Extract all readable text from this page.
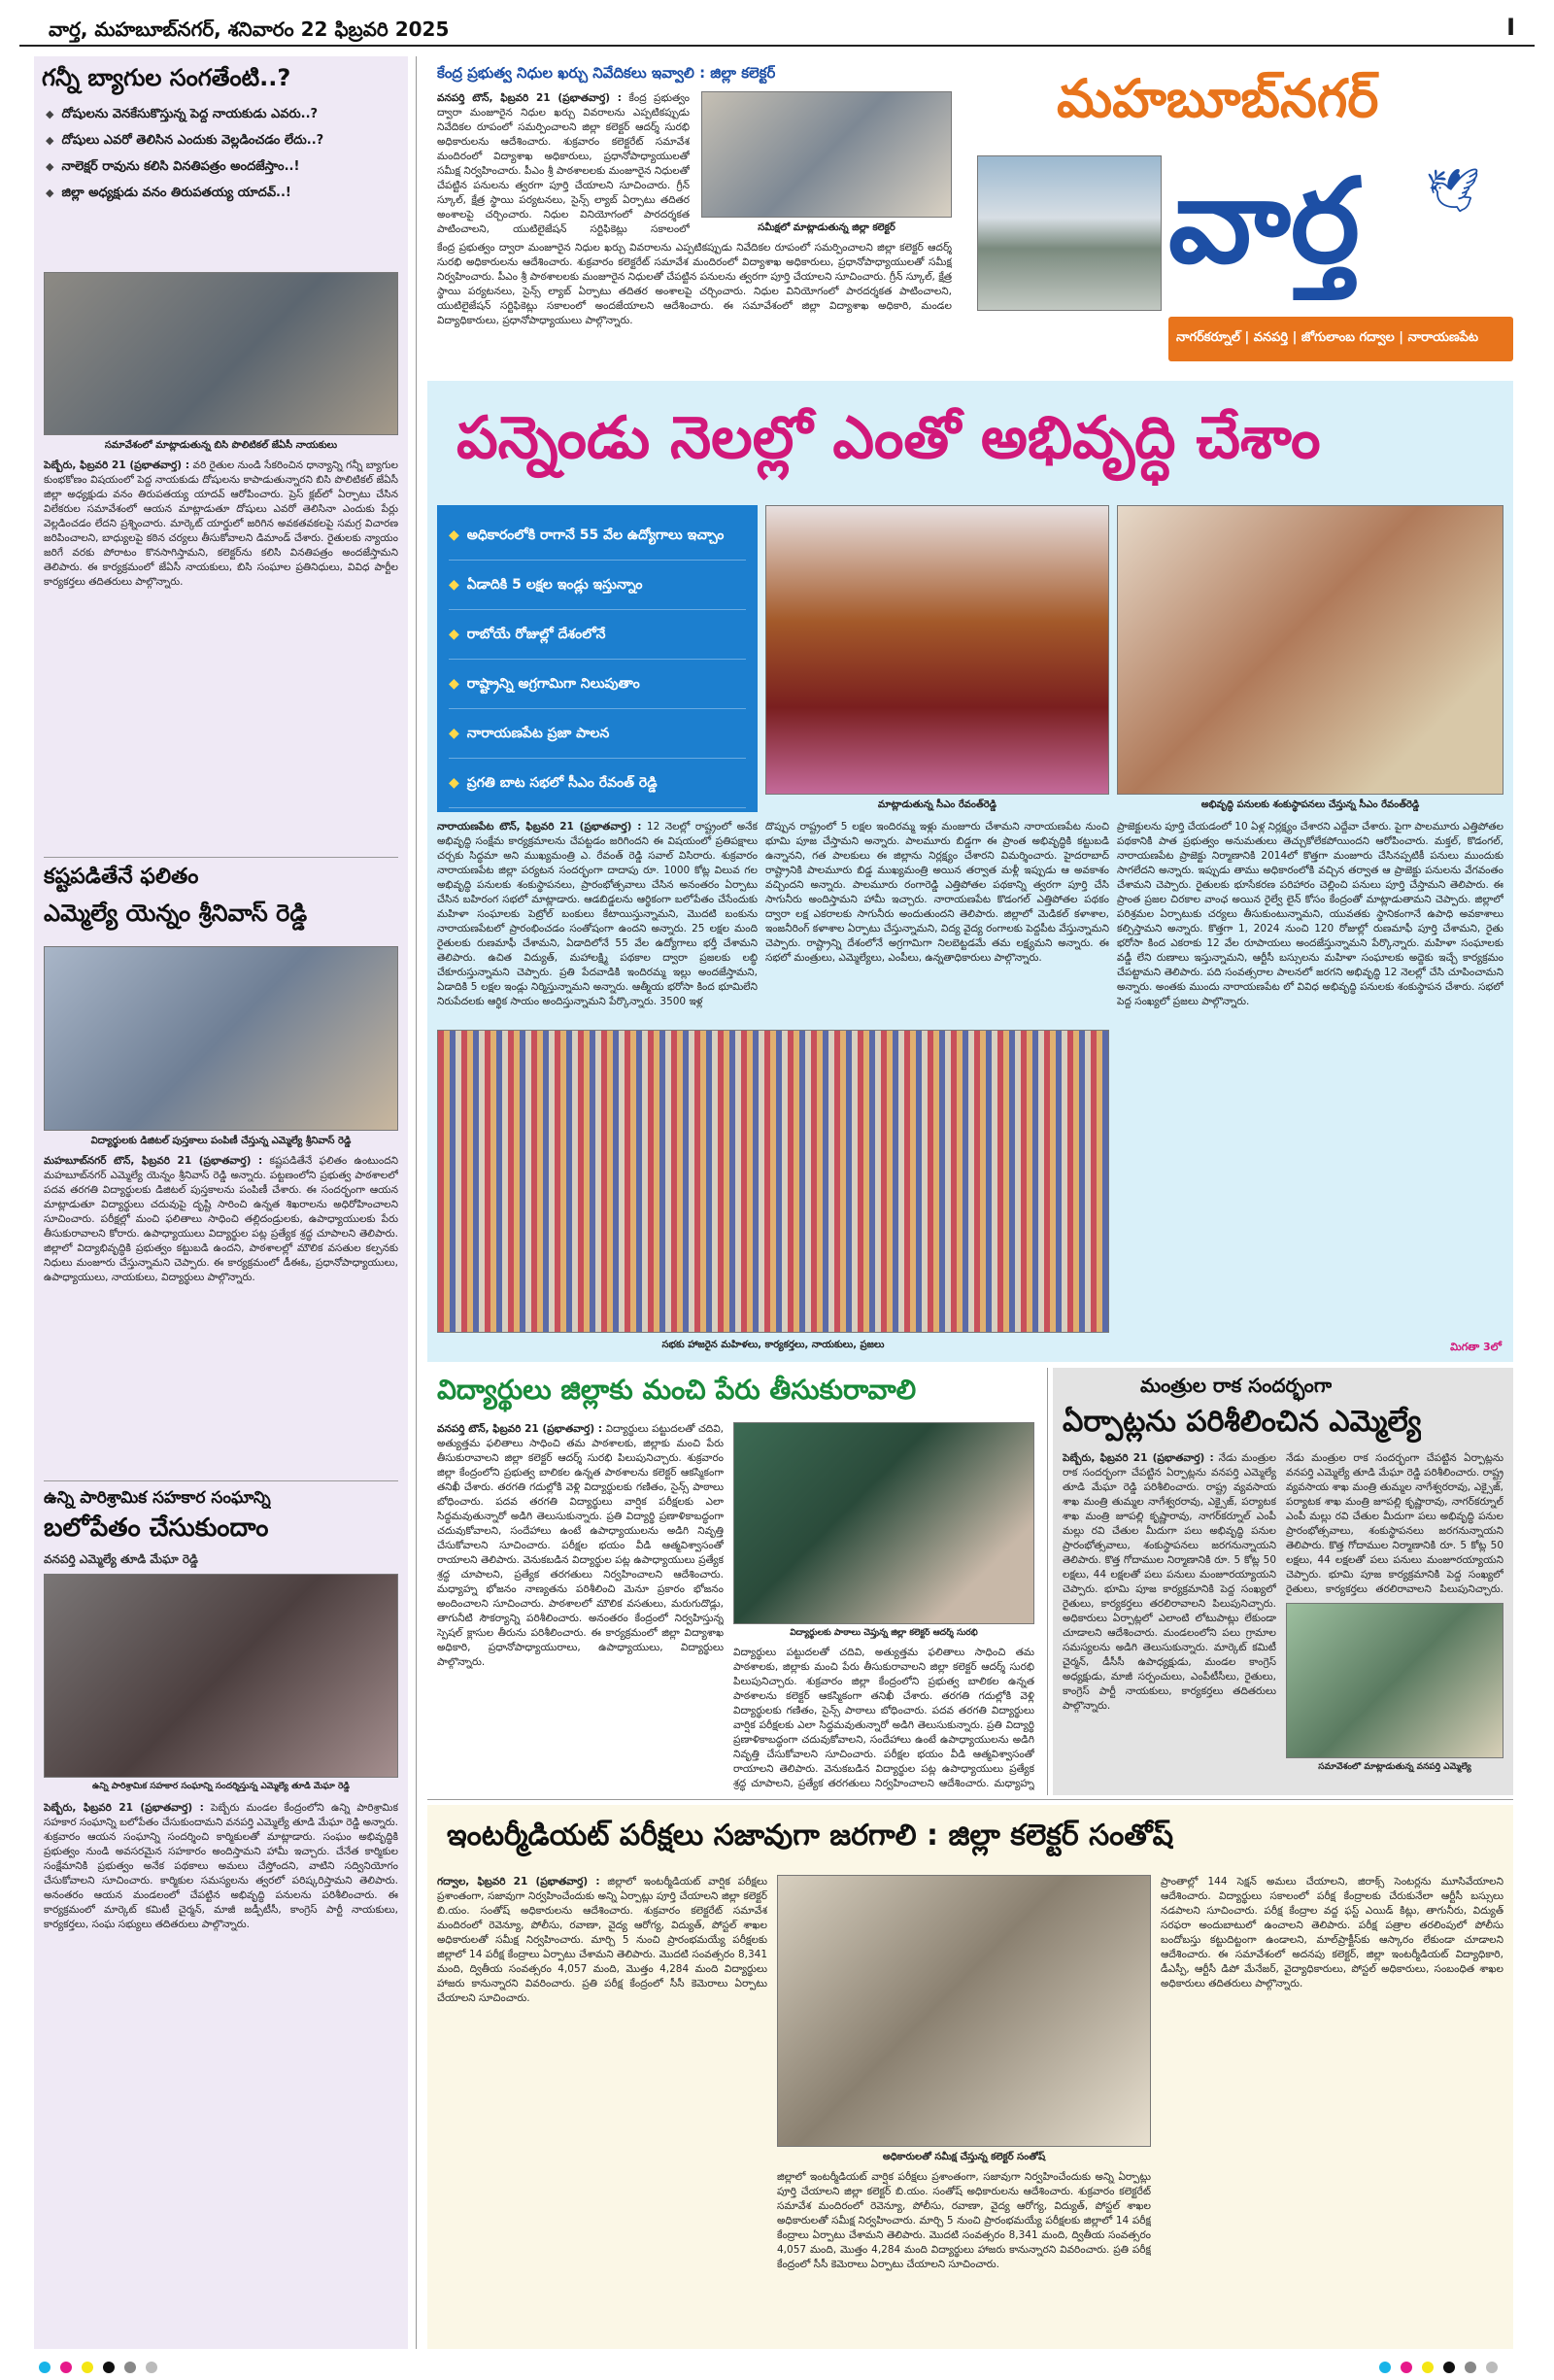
వార్త, మహబూబ్‌నగర్, శనివారం 22 ఫిబ్రవరి 2025	I
గన్నీ బ్యాగుల సంగతేంటి..?
◆ దోషులను వెనకేసుకొస్తున్న పెద్ద నాయకుడు ఎవరు..?
◆ దోషులు ఎవరో తెలిసిన ఎందుకు వెల్లడించడం లేదు..?
◆ నాలెక్షర్ రావును కలిసి వినతిపత్రం అందజేస్తాం..!
◆ జిల్లా అధ్యక్షుడు వనం తిరుపతయ్య యాదవ్..!
సమావేశంలో మాట్లాడుతున్న బిసి పొలిటికల్ జేఏసీ నాయకులు
పెబ్బేరు, ఫిబ్రవరి 21 (ప్రభాతవార్త) : వరి రైతుల నుండి సేకరించిన ధాన్యాన్ని గన్నీ బ్యాగుల కుంభకోణం విషయంలో పెద్ద నాయకుడు దోషులను కాపాడుతున్నారని బిసి పొలిటికల్ జేఏసీ జిల్లా అధ్యక్షుడు వనం తిరుపతయ్య యాదవ్ ఆరోపించారు. ప్రెస్ క్లబ్‌లో ఏర్పాటు చేసిన విలేకరుల సమావేశంలో ఆయన మాట్లాడుతూ దోషులు ఎవరో తెలిసినా ఎందుకు పేర్లు వెల్లడించడం లేదని ప్రశ్నించారు. మార్కెట్ యార్డులో జరిగిన అవకతవకలపై సమగ్ర విచారణ జరిపించాలని, బాధ్యులపై కఠిన చర్యలు తీసుకోవాలని డిమాండ్ చేశారు. రైతులకు న్యాయం జరిగే వరకు పోరాటం కొనసాగిస్తామని, కలెక్టర్‌ను కలిసి వినతిపత్రం అందజేస్తామని తెలిపారు. ఈ కార్యక్రమంలో జేఏసీ నాయకులు, బిసి సంఘాల ప్రతినిధులు, వివిధ పార్టీల కార్యకర్తలు తదితరులు పాల్గొన్నారు.
కష్టపడితేనే ఫలితం
ఎమ్మెల్యే యెన్నం శ్రీనివాస్ రెడ్డి
విద్యార్థులకు డిజిటల్ పుస్తకాలు పంపిణీ చేస్తున్న ఎమ్మెల్యే శ్రీనివాస్ రెడ్డి
మహబూబ్‌నగర్ టౌన్, ఫిబ్రవరి 21 (ప్రభాతవార్త) : కష్టపడితేనే ఫలితం ఉంటుందని మహబూబ్‌నగర్ ఎమ్మెల్యే యెన్నం శ్రీనివాస్ రెడ్డి అన్నారు. పట్టణంలోని ప్రభుత్వ పాఠశాలలో పదవ తరగతి విద్యార్థులకు డిజిటల్ పుస్తకాలను పంపిణీ చేశారు. ఈ సందర్భంగా ఆయన మాట్లాడుతూ విద్యార్థులు చదువుపై దృష్టి సారించి ఉన్నత శిఖరాలను అధిరోహించాలని సూచించారు. పరీక్షల్లో మంచి ఫలితాలు సాధించి తల్లిదండ్రులకు, ఉపాధ్యాయులకు పేరు తీసుకురావాలని కోరారు. ఉపాధ్యాయులు విద్యార్థుల పట్ల ప్రత్యేక శ్రద్ధ చూపాలని తెలిపారు. జిల్లాలో విద్యాభివృద్ధికి ప్రభుత్వం కట్టుబడి ఉందని, పాఠశాలల్లో మౌలిక వసతుల కల్పనకు నిధులు మంజూరు చేస్తున్నామని చెప్పారు. ఈ కార్యక్రమంలో డీఈఓ, ప్రధానోపాధ్యాయులు, ఉపాధ్యాయులు, నాయకులు, విద్యార్థులు పాల్గొన్నారు.
ఉన్ని పారిశ్రామిక సహకార సంఘాన్ని
బలోపేతం చేసుకుందాం
వనపర్తి ఎమ్మెల్యే తూడి మేఘా రెడ్డి
ఉన్ని పారిశ్రామిక సహకార సంఘాన్ని సందర్శిస్తున్న ఎమ్మెల్యే తూడి మేఘా రెడ్డి
పెబ్బేరు, ఫిబ్రవరి 21 (ప్రభాతవార్త) : పెబ్బేరు మండల కేంద్రంలోని ఉన్ని పారిశ్రామిక సహకార సంఘాన్ని బలోపేతం చేసుకుందామని వనపర్తి ఎమ్మెల్యే తూడి మేఘా రెడ్డి అన్నారు. శుక్రవారం ఆయన సంఘాన్ని సందర్శించి కార్మికులతో మాట్లాడారు. సంఘం అభివృద్ధికి ప్రభుత్వం నుండి అవసరమైన సహకారం అందిస్తామని హామీ ఇచ్చారు. చేనేత కార్మికుల సంక్షేమానికి ప్రభుత్వం అనేక పథకాలు అమలు చేస్తోందని, వాటిని సద్వినియోగం చేసుకోవాలని సూచించారు. కార్మికుల సమస్యలను త్వరలో పరిష్కరిస్తామని తెలిపారు. అనంతరం ఆయన మండలంలో చేపట్టిన అభివృద్ధి పనులను పరిశీలించారు. ఈ కార్యక్రమంలో మార్కెట్ కమిటీ చైర్మన్, మాజీ జడ్పీటీసీ, కాంగ్రెస్ పార్టీ నాయకులు, కార్యకర్తలు, సంఘ సభ్యులు తదితరులు పాల్గొన్నారు.
కేంద్ర ప్రభుత్వ నిధుల ఖర్చు నివేదికలు ఇవ్వాలి : జిల్లా కలెక్టర్
వనపర్తి టౌన్, ఫిబ్రవరి 21 (ప్రభాతవార్త) : కేంద్ర ప్రభుత్వం ద్వారా మంజూరైన నిధుల ఖర్చు వివరాలను ఎప్పటికప్పుడు నివేదికల రూపంలో సమర్పించాలని జిల్లా కలెక్టర్ ఆదర్శ్ సురభి అధికారులను ఆదేశించారు. శుక్రవారం కలెక్టరేట్ సమావేశ మందిరంలో విద్యాశాఖ అధికారులు, ప్రధానోపాధ్యాయులతో సమీక్ష నిర్వహించారు. పీఎం శ్రీ పాఠశాలలకు మంజూరైన నిధులతో చేపట్టిన పనులను త్వరగా పూర్తి చేయాలని సూచించారు. గ్రీన్ స్కూల్, క్షేత్ర స్థాయి పర్యటనలు, సైన్స్ ల్యాబ్ ఏర్పాటు తదితర అంశాలపై చర్చించారు. నిధుల వినియోగంలో పారదర్శకత పాటించాలని, యుటిలైజేషన్ సర్టిఫికెట్లు సకాలంలో	సమీక్షలో మాట్లాడుతున్న జిల్లా కలెక్టర్
కేంద్ర ప్రభుత్వం ద్వారా మంజూరైన నిధుల ఖర్చు వివరాలను ఎప్పటికప్పుడు నివేదికల రూపంలో సమర్పించాలని జిల్లా కలెక్టర్ ఆదర్శ్ సురభి అధికారులను ఆదేశించారు. శుక్రవారం కలెక్టరేట్ సమావేశ మందిరంలో విద్యాశాఖ అధికారులు, ప్రధానోపాధ్యాయులతో సమీక్ష నిర్వహించారు. పీఎం శ్రీ పాఠశాలలకు మంజూరైన నిధులతో చేపట్టిన పనులను త్వరగా పూర్తి చేయాలని సూచించారు. గ్రీన్ స్కూల్, క్షేత్ర స్థాయి పర్యటనలు, సైన్స్ ల్యాబ్ ఏర్పాటు తదితర అంశాలపై చర్చించారు. నిధుల వినియోగంలో పారదర్శకత పాటించాలని, యుటిలైజేషన్ సర్టిఫికెట్లు సకాలంలో అందజేయాలని ఆదేశించారు. ఈ సమావేశంలో జిల్లా విద్యాశాఖ అధికారి, మండల విద్యాధికారులు, ప్రధానోపాధ్యాయులు పాల్గొన్నారు.
మహబూబ్‌నగర్
వార్త 🕊
నాగర్‌కర్నూల్ | వనపర్తి | జోగులాంబ గద్వాల | నారాయణపేట
పన్నెండు నెలల్లో ఎంతో అభివృద్ధి చేశాం
◆ అధికారంలోకి రాగానే 55 వేల ఉద్యోగాలు ఇచ్చాం
◆ ఏడాదికి 5 లక్షల ఇండ్లు ఇస్తున్నాం
◆ రాబోయే రోజుల్లో దేశంలోనే
◆ రాష్ట్రాన్ని అగ్రగామిగా నిలుపుతాం
◆ నారాయణపేట ప్రజా పాలన
◆ ప్రగతి బాట సభలో సీఎం రేవంత్ రెడ్డి
మాట్లాడుతున్న సీఎం రేవంత్‌రెడ్డి	అభివృద్ధి పనులకు శంకుస్థాపనలు చేస్తున్న సీఎం రేవంత్‌రెడ్డి
నారాయణపేట టౌన్, ఫిబ్రవరి 21 (ప్రభాతవార్త) : 12 నెలల్లో రాష్ట్రంలో అనేక అభివృద్ధి సంక్షేమ కార్యక్రమాలను చేపట్టడం జరిగిందని ఈ విషయంలో ప్రతిపక్షాలు చర్చకు సిద్ధమా అని ముఖ్యమంత్రి ఎ. రేవంత్ రెడ్డి సవాల్ విసిరారు. శుక్రవారం నారాయణపేట జిల్లా పర్యటన సందర్భంగా దాదాపు రూ. 1000 కోట్ల విలువ గల అభివృద్ధి పనులకు శంకుస్థాపనలు, ప్రారంభోత్సవాలు చేసిన అనంతరం ఏర్పాటు చేసిన బహిరంగ సభలో మాట్లాడారు. ఆడబిడ్డలను ఆర్థికంగా బలోపేతం చేసేందుకు మహిళా సంఘాలకు పెట్రోల్ బంకులు కేటాయిస్తున్నామని, మొదటి బంకును నారాయణపేటలో ప్రారంభించడం సంతోషంగా ఉందని అన్నారు. 25 లక్షల మంది రైతులకు రుణమాఫీ చేశామని, ఏడాదిలోనే 55 వేల ఉద్యోగాలు భర్తీ చేశామని తెలిపారు. ఉచిత విద్యుత్, మహాలక్ష్మి పథకాల ద్వారా ప్రజలకు లబ్ధి చేకూరుస్తున్నామని చెప్పారు. ప్రతి పేదవాడికి ఇందిరమ్మ ఇల్లు అందజేస్తామని, ఏడాదికి 5 లక్షల ఇండ్లు నిర్మిస్తున్నామని అన్నారు. ఆత్మీయ భరోసా కింద భూమిలేని నిరుపేదలకు ఆర్థిక సాయం అందిస్తున్నామని పేర్కొన్నారు. 3500 ఇళ్ల
దొప్పున రాష్ట్రంలో 5 లక్షల ఇందిరమ్మ ఇళ్లు మంజూరు చేశామని నారాయణపేట నుంచి భూమి పూజ చేస్తామని అన్నారు. పాలమూరు బిడ్డగా ఈ ప్రాంత అభివృద్ధికి కట్టుబడి ఉన్నానని, గత పాలకులు ఈ జిల్లాను నిర్లక్ష్యం చేశారని విమర్శించారు. హైదరాబాద్ రాష్ట్రానికి పాలమూరు బిడ్డ ముఖ్యమంత్రి అయిన తర్వాత మళ్లీ ఇప్పుడు ఆ అవకాశం వచ్చిందని అన్నారు. పాలమూరు రంగారెడ్డి ఎత్తిపోతల పథకాన్ని త్వరగా పూర్తి చేసి సాగునీరు అందిస్తామని హామీ ఇచ్చారు. నారాయణపేట కొడంగల్ ఎత్తిపోతల పథకం ద్వారా లక్ష ఎకరాలకు సాగునీరు అందుతుందని తెలిపారు. జిల్లాలో మెడికల్ కళాశాల, ఇంజనీరింగ్ కళాశాల ఏర్పాటు చేస్తున్నామని, విద్య వైద్య రంగాలకు పెద్దపీట వేస్తున్నామని చెప్పారు. రాష్ట్రాన్ని దేశంలోనే అగ్రగామిగా నిలబెట్టడమే తమ లక్ష్యమని అన్నారు. ఈ సభలో మంత్రులు, ఎమ్మెల్యేలు, ఎంపీలు, ఉన్నతాధికారులు పాల్గొన్నారు.
ప్రాజెక్టులను పూర్తి చేయడంలో 10 ఏళ్ల నిర్లక్ష్యం చేశారని ఎద్దేవా చేశారు. పైగా పాలమూరు ఎత్తిపోతల పథకానికి పాత ప్రభుత్వం అనుమతులు తెచ్చుకోలేకపోయిందని ఆరోపించారు. మక్తల్, కొడంగల్, నారాయణపేట ప్రాజెక్టు నిర్మాణానికి 2014లో కొత్తగా మంజూరు చేసినప్పటికీ పనులు ముందుకు సాగలేదని అన్నారు. ఇప్పుడు తాము అధికారంలోకి వచ్చిన తర్వాత ఆ ప్రాజెక్టు పనులను వేగవంతం చేశామని చెప్పారు. రైతులకు భూసేకరణ పరిహారం చెల్లించి పనులు పూర్తి చేస్తామని తెలిపారు. ఈ ప్రాంత ప్రజల చిరకాల వాంఛ అయిన రైల్వే లైన్ కోసం కేంద్రంతో మాట్లాడుతామని చెప్పారు. జిల్లాలో పరిశ్రమల ఏర్పాటుకు చర్యలు తీసుకుంటున్నామని, యువతకు స్థానికంగానే ఉపాధి అవకాశాలు కల్పిస్తామని అన్నారు. కొత్తగా 1, 2024 నుంచి 120 రోజుల్లో రుణమాఫీ పూర్తి చేశామని, రైతు భరోసా కింద ఎకరాకు 12 వేల రూపాయలు అందజేస్తున్నామని పేర్కొన్నారు. మహిళా సంఘాలకు వడ్డీ లేని రుణాలు ఇస్తున్నామని, ఆర్టీసీ బస్సులను మహిళా సంఘాలకు అద్దెకు ఇచ్చే కార్యక్రమం చేపట్టామని తెలిపారు. పది సంవత్సరాల పాలనలో జరగని అభివృద్ధి 12 నెలల్లో చేసి చూపించామని అన్నారు. అంతకు ముందు నారాయణపేట లో వివిధ అభివృద్ధి పనులకు శంకుస్థాపన చేశారు. సభలో పెద్ద సంఖ్యలో ప్రజలు పాల్గొన్నారు.
సభకు హాజరైన మహిళలు, కార్యకర్తలు, నాయకులు, ప్రజలు	మిగతా 3లో
విద్యార్థులు జిల్లాకు మంచి పేరు తీసుకురావాలి
వనపర్తి టౌన్, ఫిబ్రవరి 21 (ప్రభాతవార్త) : విద్యార్థులు పట్టుదలతో చదివి, అత్యుత్తమ ఫలితాలు సాధించి తమ పాఠశాలకు, జిల్లాకు మంచి పేరు తీసుకురావాలని జిల్లా కలెక్టర్ ఆదర్శ్ సురభి పిలుపునిచ్చారు. శుక్రవారం జిల్లా కేంద్రంలోని ప్రభుత్వ బాలికల ఉన్నత పాఠశాలను కలెక్టర్ ఆకస్మికంగా తనిఖీ చేశారు. తరగతి గదుల్లోకి వెళ్లి విద్యార్థులకు గణితం, సైన్స్ పాఠాలు బోధించారు. పదవ తరగతి విద్యార్థులు వార్షిక పరీక్షలకు ఎలా సిద్ధమవుతున్నారో అడిగి తెలుసుకున్నారు. ప్రతి విద్యార్థి ప్రణాళికాబద్ధంగా చదువుకోవాలని, సందేహాలు ఉంటే ఉపాధ్యాయులను అడిగి నివృత్తి చేసుకోవాలని సూచించారు. పరీక్షల భయం వీడి ఆత్మవిశ్వాసంతో రాయాలని తెలిపారు. వెనుకబడిన విద్యార్థుల పట్ల ఉపాధ్యాయులు ప్రత్యేక శ్రద్ధ చూపాలని, ప్రత్యేక తరగతులు నిర్వహించాలని ఆదేశించారు. మధ్యాహ్న భోజనం నాణ్యతను పరిశీలించి మెనూ ప్రకారం భోజనం అందించాలని సూచించారు. పాఠశాలలో మౌలిక వసతులు, మరుగుదొడ్లు, తాగునీటి సౌకర్యాన్ని పరిశీలించారు. అనంతరం కేంద్రంలో నిర్వహిస్తున్న స్పెషల్ క్లాసుల తీరును పరిశీలించారు. ఈ కార్యక్రమంలో జిల్లా విద్యాశాఖ అధికారి, ప్రధానోపాధ్యాయురాలు, ఉపాధ్యాయులు, విద్యార్థులు పాల్గొన్నారు.
విద్యార్థులకు పాఠాలు చెప్తున్న జిల్లా కలెక్టర్ ఆదర్శ్ సురభి
విద్యార్థులు పట్టుదలతో చదివి, అత్యుత్తమ ఫలితాలు సాధించి తమ పాఠశాలకు, జిల్లాకు మంచి పేరు తీసుకురావాలని జిల్లా కలెక్టర్ ఆదర్శ్ సురభి పిలుపునిచ్చారు. శుక్రవారం జిల్లా కేంద్రంలోని ప్రభుత్వ బాలికల ఉన్నత పాఠశాలను కలెక్టర్ ఆకస్మికంగా తనిఖీ చేశారు. తరగతి గదుల్లోకి వెళ్లి విద్యార్థులకు గణితం, సైన్స్ పాఠాలు బోధించారు. పదవ తరగతి విద్యార్థులు వార్షిక పరీక్షలకు ఎలా సిద్ధమవుతున్నారో అడిగి తెలుసుకున్నారు. ప్రతి విద్యార్థి ప్రణాళికాబద్ధంగా చదువుకోవాలని, సందేహాలు ఉంటే ఉపాధ్యాయులను అడిగి నివృత్తి చేసుకోవాలని సూచించారు. పరీక్షల భయం వీడి ఆత్మవిశ్వాసంతో రాయాలని తెలిపారు. వెనుకబడిన విద్యార్థుల పట్ల ఉపాధ్యాయులు ప్రత్యేక శ్రద్ధ చూపాలని, ప్రత్యేక తరగతులు నిర్వహించాలని ఆదేశించారు. మధ్యాహ్న
మంత్రుల రాక సందర్భంగా
ఏర్పాట్లను పరిశీలించిన ఎమ్మెల్యే
పెబ్బేరు, ఫిబ్రవరి 21 (ప్రభాతవార్త) : నేడు మంత్రుల రాక సందర్భంగా చేపట్టిన ఏర్పాట్లను వనపర్తి ఎమ్మెల్యే తూడి మేఘా రెడ్డి పరిశీలించారు. రాష్ట్ర వ్యవసాయ శాఖ మంత్రి తుమ్మల నాగేశ్వరరావు, ఎక్సైజ్, పర్యాటక శాఖ మంత్రి జూపల్లి కృష్ణారావు, నాగర్‌కర్నూల్ ఎంపీ మల్లు రవి చేతుల మీదుగా పలు అభివృద్ధి పనుల ప్రారంభోత్సవాలు, శంకుస్థాపనలు జరగనున్నాయని తెలిపారు. కొత్త గోదాముల నిర్మాణానికి రూ. 5 కోట్ల 50 లక్షలు, 44 లక్షలతో పలు పనులు మంజూరయ్యాయని చెప్పారు. భూమి పూజ కార్యక్రమానికి పెద్ద సంఖ్యలో రైతులు, కార్యకర్తలు తరలిరావాలని పిలుపునిచ్చారు. అధికారులు ఏర్పాట్లలో ఎలాంటి లోటుపాట్లు లేకుండా చూడాలని ఆదేశించారు. మండలంలోని పలు గ్రామాల సమస్యలను అడిగి తెలుసుకున్నారు. మార్కెట్ కమిటీ చైర్మన్, డీసీసీ ఉపాధ్యక్షుడు, మండల కాంగ్రెస్ అధ్యక్షుడు, మాజీ సర్పంచులు, ఎంపీటీసీలు, రైతులు, కాంగ్రెస్ పార్టీ నాయకులు, కార్యకర్తలు తదితరులు పాల్గొన్నారు.
నేడు మంత్రుల రాక సందర్భంగా చేపట్టిన ఏర్పాట్లను వనపర్తి ఎమ్మెల్యే తూడి మేఘా రెడ్డి పరిశీలించారు. రాష్ట్ర వ్యవసాయ శాఖ మంత్రి తుమ్మల నాగేశ్వరరావు, ఎక్సైజ్, పర్యాటక శాఖ మంత్రి జూపల్లి కృష్ణారావు, నాగర్‌కర్నూల్ ఎంపీ మల్లు రవి చేతుల మీదుగా పలు అభివృద్ధి పనుల ప్రారంభోత్సవాలు, శంకుస్థాపనలు జరగనున్నాయని తెలిపారు. కొత్త గోదాముల నిర్మాణానికి రూ. 5 కోట్ల 50 లక్షలు, 44 లక్షలతో పలు పనులు మంజూరయ్యాయని చెప్పారు. భూమి పూజ కార్యక్రమానికి పెద్ద సంఖ్యలో రైతులు, కార్యకర్తలు తరలిరావాలని పిలుపునిచ్చారు.
సమావేశంలో మాట్లాడుతున్న వనపర్తి ఎమ్మెల్యే
ఇంటర్మీడియట్ పరీక్షలు సజావుగా జరగాలి : జిల్లా కలెక్టర్ సంతోష్
గద్వాల, ఫిబ్రవరి 21 (ప్రభాతవార్త) : జిల్లాలో ఇంటర్మీడియట్ వార్షిక పరీక్షలు ప్రశాంతంగా, సజావుగా నిర్వహించేందుకు అన్ని ఏర్పాట్లు పూర్తి చేయాలని జిల్లా కలెక్టర్ బి.యం. సంతోష్ అధికారులను ఆదేశించారు. శుక్రవారం కలెక్టరేట్ సమావేశ మందిరంలో రెవెన్యూ, పోలీసు, రవాణా, వైద్య ఆరోగ్య, విద్యుత్, పోస్టల్ శాఖల అధికారులతో సమీక్ష నిర్వహించారు. మార్చి 5 నుంచి ప్రారంభమయ్యే పరీక్షలకు జిల్లాలో 14 పరీక్ష కేంద్రాలు ఏర్పాటు చేశామని తెలిపారు. మొదటి సంవత్సరం 8,341 మంది, ద్వితీయ సంవత్సరం 4,057 మంది, మొత్తం 4,284 మంది విద్యార్థులు హాజరు కానున్నారని వివరించారు. ప్రతి పరీక్ష కేంద్రంలో సీసీ కెమెరాలు ఏర్పాటు చేయాలని సూచించారు.
అధికారులతో సమీక్ష చేస్తున్న కలెక్టర్ సంతోష్
జిల్లాలో ఇంటర్మీడియట్ వార్షిక పరీక్షలు ప్రశాంతంగా, సజావుగా నిర్వహించేందుకు అన్ని ఏర్పాట్లు పూర్తి చేయాలని జిల్లా కలెక్టర్ బి.యం. సంతోష్ అధికారులను ఆదేశించారు. శుక్రవారం కలెక్టరేట్ సమావేశ మందిరంలో రెవెన్యూ, పోలీసు, రవాణా, వైద్య ఆరోగ్య, విద్యుత్, పోస్టల్ శాఖల అధికారులతో సమీక్ష నిర్వహించారు. మార్చి 5 నుంచి ప్రారంభమయ్యే పరీక్షలకు జిల్లాలో 14 పరీక్ష కేంద్రాలు ఏర్పాటు చేశామని తెలిపారు. మొదటి సంవత్సరం 8,341 మంది, ద్వితీయ సంవత్సరం 4,057 మంది, మొత్తం 4,284 మంది విద్యార్థులు హాజరు కానున్నారని వివరించారు. ప్రతి పరీక్ష కేంద్రంలో సీసీ కెమెరాలు ఏర్పాటు చేయాలని సూచించారు.
ప్రాంతాల్లో 144 సెక్షన్ అమలు చేయాలని, జిరాక్స్ సెంటర్లను మూసివేయాలని ఆదేశించారు. విద్యార్థులు సకాలంలో పరీక్ష కేంద్రాలకు చేరుకునేలా ఆర్టీసీ బస్సులు నడపాలని సూచించారు. పరీక్ష కేంద్రాల వద్ద ఫస్ట్ ఎయిడ్ కిట్లు, తాగునీరు, విద్యుత్ సరఫరా అందుబాటులో ఉంచాలని తెలిపారు. పరీక్ష పత్రాల తరలింపులో పోలీసు బందోబస్తు కట్టుదిట్టంగా ఉండాలని, మాల్‌ప్రాక్టీస్‌కు ఆస్కారం లేకుండా చూడాలని ఆదేశించారు. ఈ సమావేశంలో అదనపు కలెక్టర్, జిల్లా ఇంటర్మీడియట్ విద్యాధికారి, డీఎస్పీ, ఆర్టీసీ డిపో మేనేజర్, వైద్యాధికారులు, పోస్టల్ అధికారులు, సంబంధిత శాఖల అధికారులు తదితరులు పాల్గొన్నారు.
